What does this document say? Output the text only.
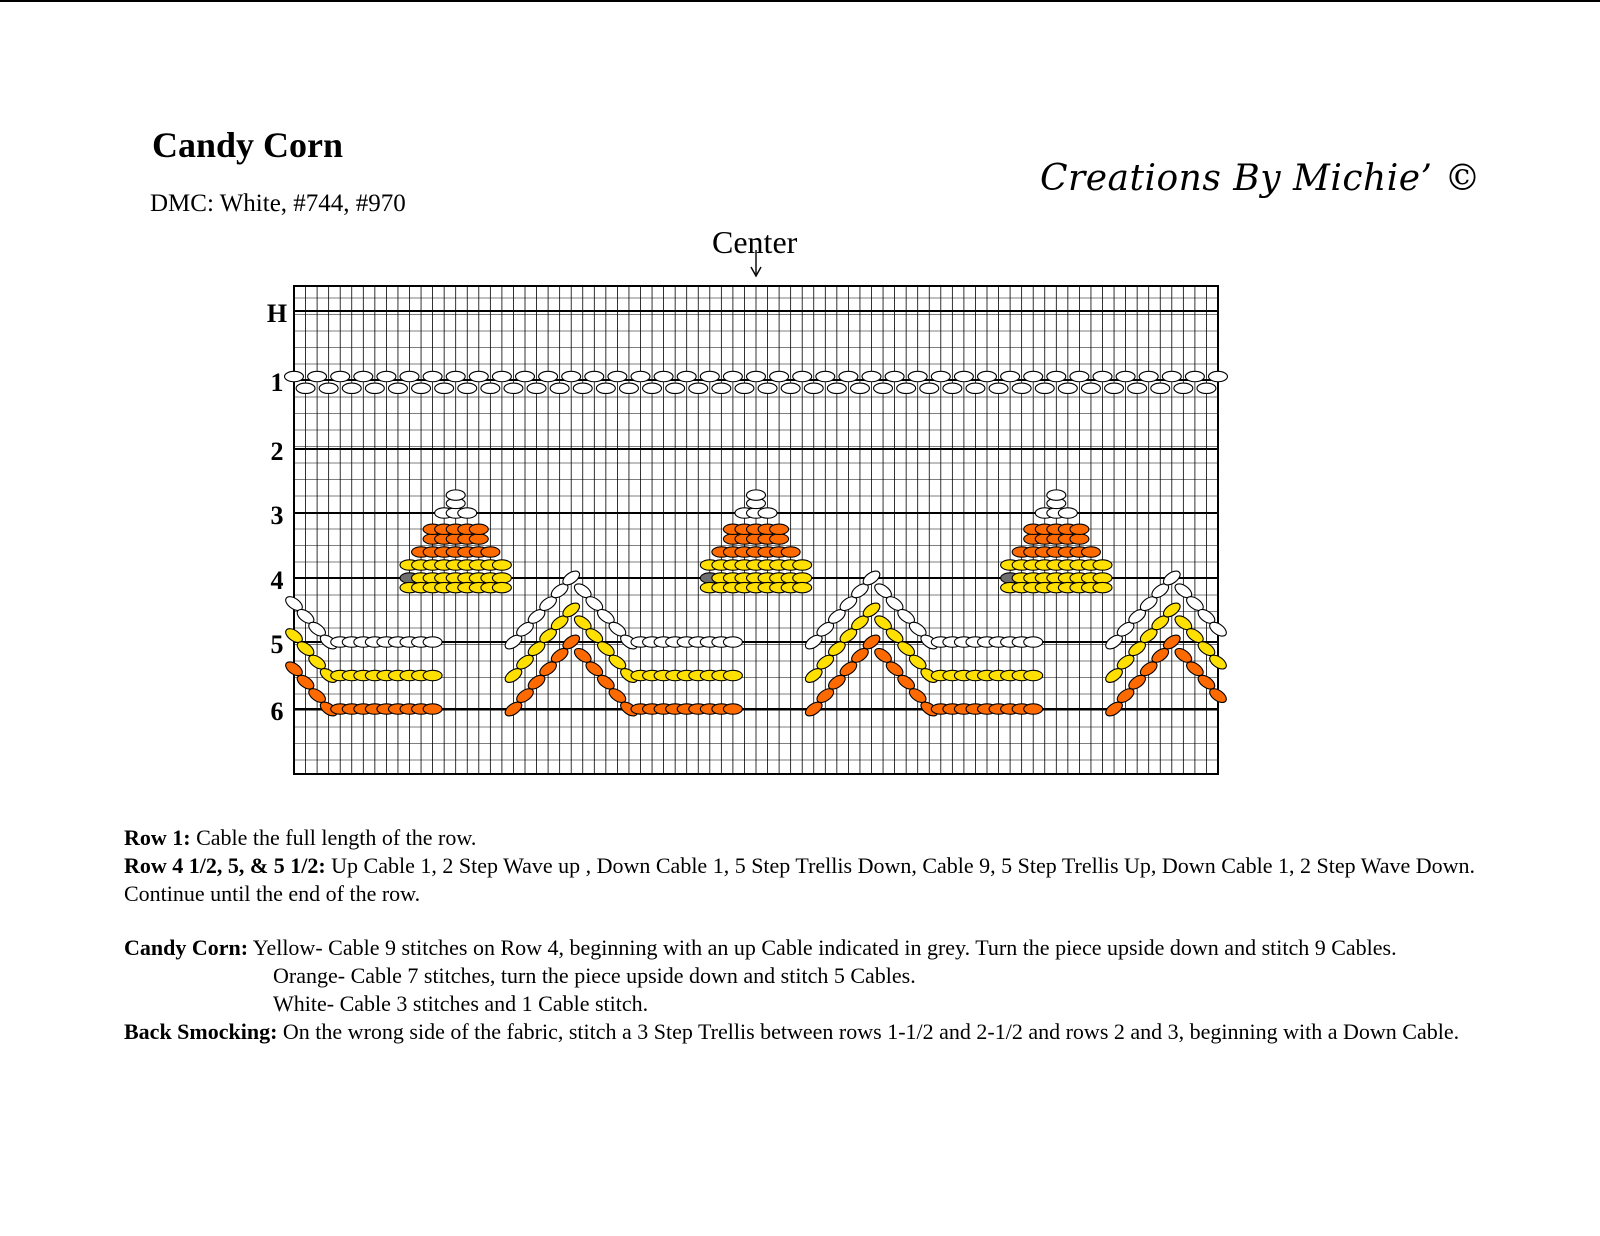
Candy Corn
DMC: White, #744, #970
Creations By Michie’ ©
Center
H
1
2
3
4
5
6

Row 1: Cable the full length of the row.

Row 4 1/2, 5, & 5 1/2: Up Cable 1, 2 Step Wave up , Down Cable 1, 5 Step Trellis Down, Cable 9, 5 Step Trellis Up, Down Cable 1, 2 Step Wave Down. Continue until the end of the row.

Candy Corn: Yellow- Cable 9 stitches on Row 4, beginning with an up Cable indicated in grey. Turn the piece upside down and stitch 9 Cables.

Orange- Cable 7 stitches, turn the piece upside down and stitch 5 Cables.

White- Cable 3 stitches and 1 Cable stitch.

Back Smocking: On the wrong side of the fabric, stitch a 3 Step Trellis between rows 1-1/2 and 2-1/2 and rows 2 and 3, beginning with a Down Cable.
